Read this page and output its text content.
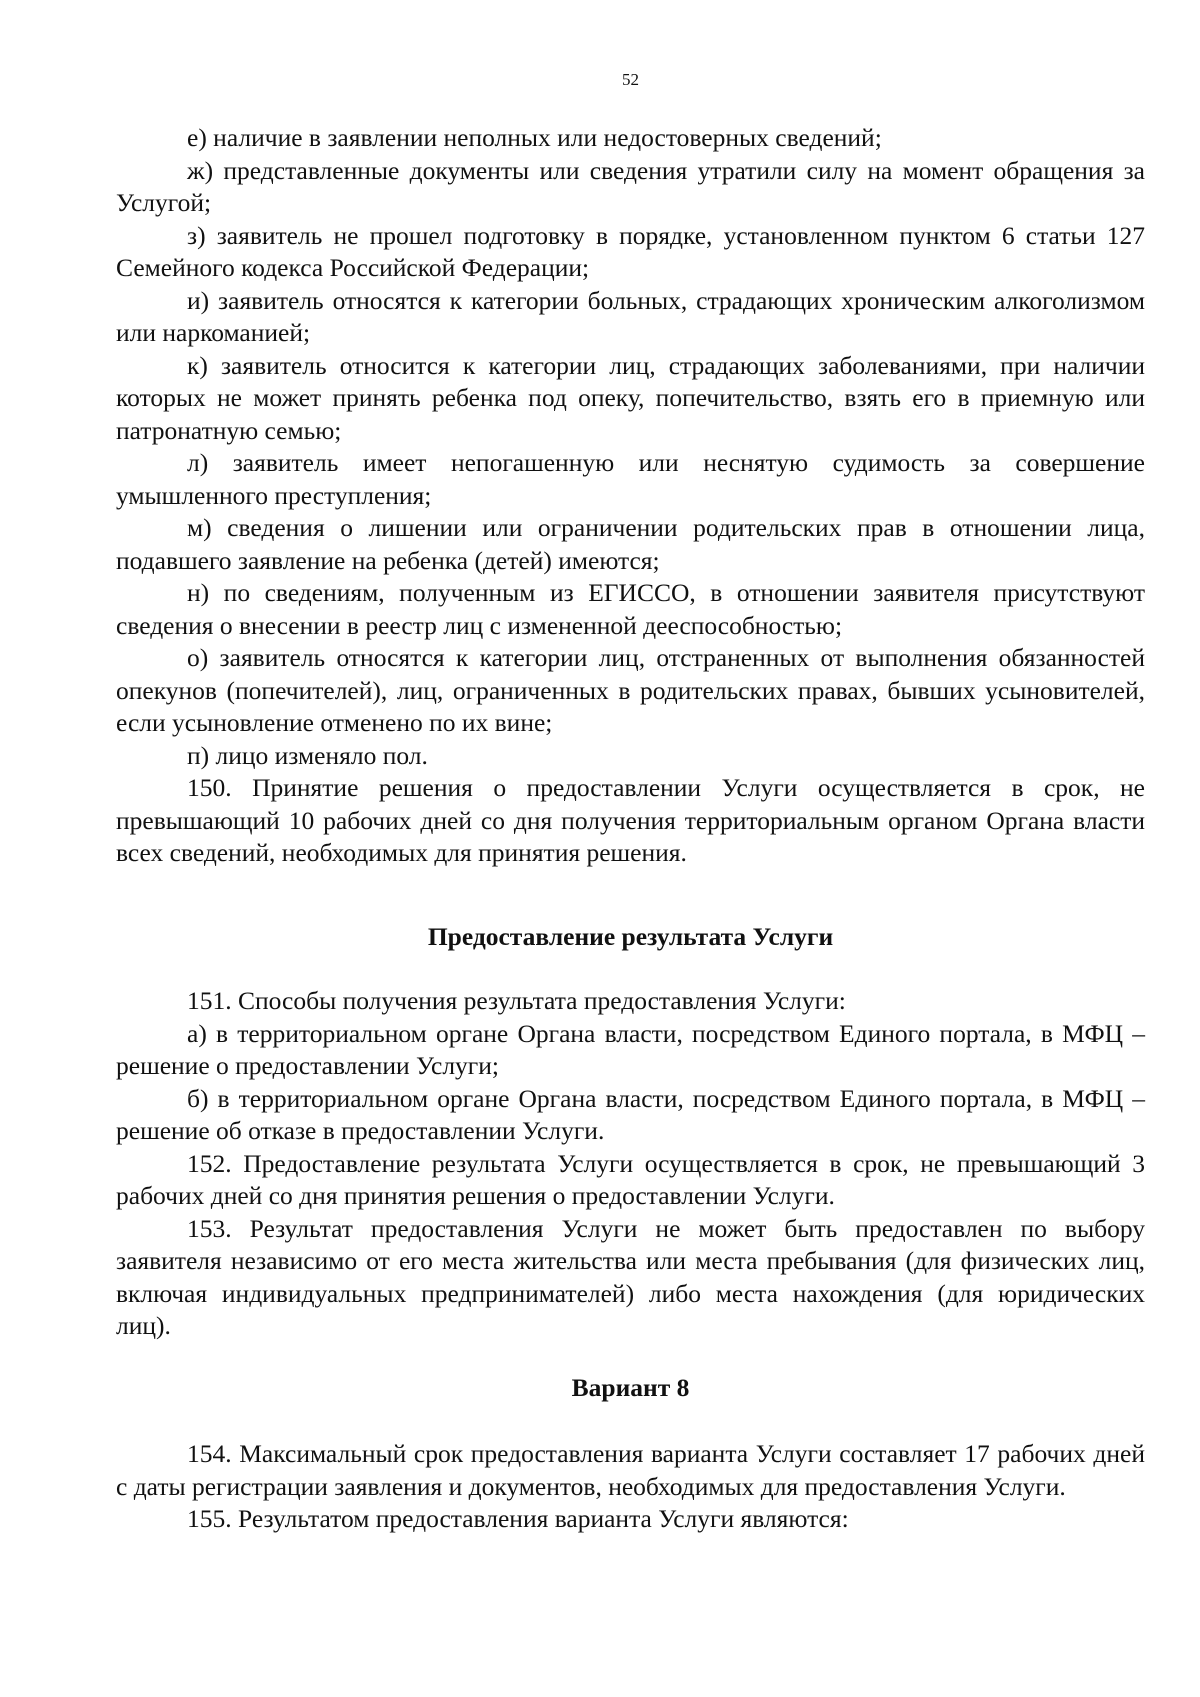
52

е) наличие в заявлении неполных или недостоверных сведений;

ж) представленные документы или сведения утратили силу на момент обращения за Услугой;

з) заявитель не прошел подготовку в порядке, установленном пунктом 6 статьи 127 Семейного кодекса Российской Федерации;

и) заявитель относятся к категории больных, страдающих хроническим алкоголизмом или наркоманией;

к) заявитель относится к категории лиц, страдающих заболеваниями, при наличии которых не может принять ребенка под опеку, попечительство, взять его в приемную или патронатную семью;

л) заявитель имеет непогашенную или неснятую судимость за совершение умышленного преступления;

м) сведения о лишении или ограничении родительских прав в отношении лица, подавшего заявление на ребенка (детей) имеются;

н) по сведениям, полученным из ЕГИССО, в отношении заявителя присутствуют сведения о внесении в реестр лиц с измененной дееспособностью;

о) заявитель относятся к категории лиц, отстраненных от выполнения обязанностей опекунов (попечителей), лиц, ограниченных в родительских правах, бывших усыновителей, если усыновление отменено по их вине;

п) лицо изменяло пол.

150. Принятие решения о предоставлении Услуги осуществляется в срок, не превышающий 10 рабочих дней со дня получения территориальным органом Органа власти всех сведений, необходимых для принятия решения.

Предоставление результата Услуги

151. Способы получения результата предоставления Услуги:

а) в территориальном органе Органа власти, посредством Единого портала, в МФЦ – решение о предоставлении Услуги;

б) в территориальном органе Органа власти, посредством Единого портала, в МФЦ – решение об отказе в предоставлении Услуги.

152. Предоставление результата Услуги осуществляется в срок, не превышающий 3 рабочих дней со дня принятия решения о предоставлении Услуги.

153. Результат предоставления Услуги не может быть предоставлен по выбору заявителя независимо от его места жительства или места пребывания (для физических лиц, включая индивидуальных предпринимателей) либо места нахождения (для юридических лиц).

Вариант 8

154. Максимальный срок предоставления варианта Услуги составляет 17 рабочих дней с даты регистрации заявления и документов, необходимых для предоставления Услуги.

155. Результатом предоставления варианта Услуги являются:
